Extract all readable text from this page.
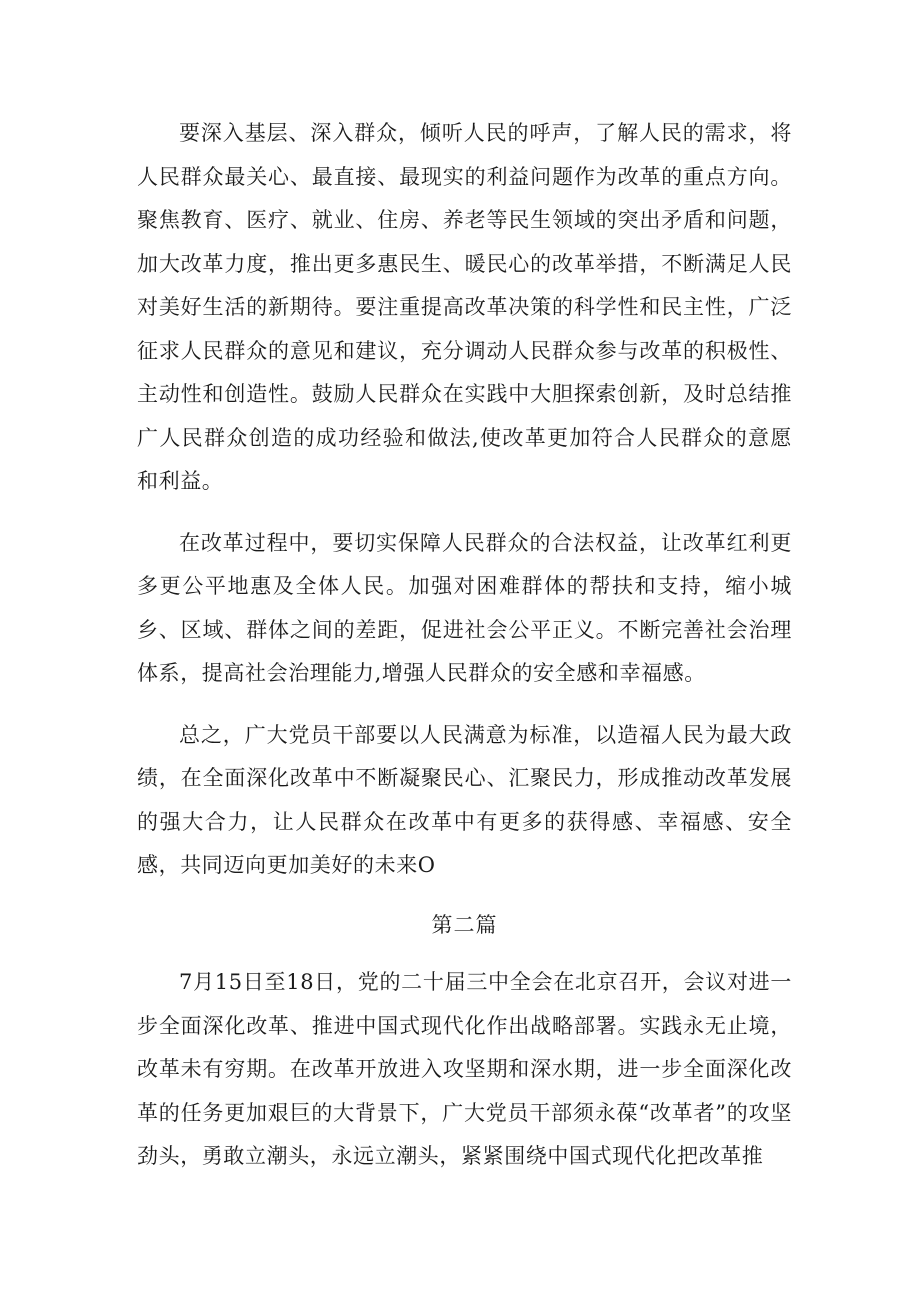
要深入基层、深入群众，倾听人民的呼声，了解人民的需求，将人民群众最关心、最直接、最现实的利益问题作为改革的重点方向。聚焦教育、医疗、就业、住房、养老等民生领域的突出矛盾和问题，加大改革力度，推出更多惠民生、暖民心的改革举措，不断满足人民对美好生活的新期待。要注重提高改革决策的科学性和民主性，广泛征求人民群众的意见和建议，充分调动人民群众参与改革的积极性、主动性和创造性。鼓励人民群众在实践中大胆探索创新，及时总结推广人民群众创造的成功经验和做法,使改革更加符合人民群众的意愿和利益。

在改革过程中，要切实保障人民群众的合法权益，让改革红利更多更公平地惠及全体人民。加强对困难群体的帮扶和支持，缩小城乡、区域、群体之间的差距，促进社会公平正义。不断完善社会治理体系，提高社会治理能力,增强人民群众的安全感和幸福感。

总之，广大党员干部要以人民满意为标准，以造福人民为最大政绩，在全面深化改革中不断凝聚民心、汇聚民力，形成推动改革发展的强大合力，让人民群众在改革中有更多的获得感、幸福感、安全感，共同迈向更加美好的未来O

第二篇

7月15日至18日，党的二十届三中全会在北京召开，会议对进一步全面深化改革、推进中国式现代化作出战略部署。实践永无止境，改革未有穷期。在改革开放进入攻坚期和深水期，进一步全面深化改革的任务更加艰巨的大背景下，广大党员干部须永葆“改革者”的攻坚劲头，勇敢立潮头，永远立潮头，紧紧围绕中国式现代化把改革推
